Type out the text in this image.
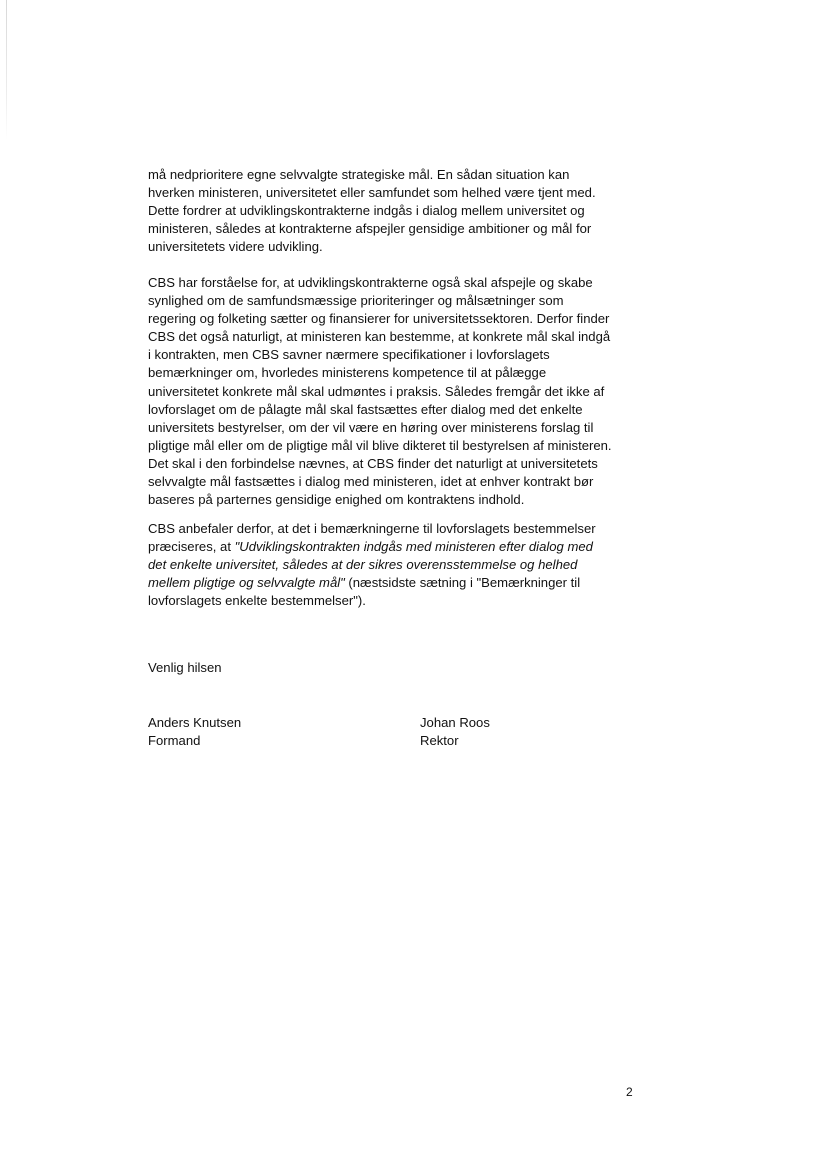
må nedprioritere egne selvvalgte strategiske mål. En sådan situation kan
hverken ministeren, universitetet eller samfundet som helhed være tjent med.
Dette fordrer at udviklingskontrakterne indgås i dialog mellem universitet og
ministeren, således at kontrakterne afspejler gensidige ambitioner og mål for
universitetets videre udvikling.

CBS har forståelse for, at udviklingskontrakterne også skal afspejle og skabe
synlighed om de samfundsmæssige prioriteringer og målsætninger som
regering og folketing sætter og finansierer for universitetssektoren. Derfor finder
CBS det også naturligt, at ministeren kan bestemme, at konkrete mål skal indgå
i kontrakten, men CBS savner nærmere specifikationer i lovforslagets
bemærkninger om, hvorledes ministerens kompetence til at pålægge
universitetet konkrete mål skal udmøntes i praksis. Således fremgår det ikke af
lovforslaget om de pålagte mål skal fastsættes efter dialog med det enkelte
universitets bestyrelser, om der vil være en høring over ministerens forslag til
pligtige mål eller om de pligtige mål vil blive dikteret til bestyrelsen af ministeren.
Det skal i den forbindelse nævnes, at CBS finder det naturligt at universitetets
selvvalgte mål fastsættes i dialog med ministeren, idet at enhver kontrakt bør
baseres på parternes gensidige enighed om kontraktens indhold.

CBS anbefaler derfor, at det i bemærkningerne til lovforslagets bestemmelser
præciseres, at "Udviklingskontrakten indgås med ministeren efter dialog med
det enkelte universitet, således at der sikres overensstemmelse og helhed
mellem pligtige og selvvalgte mål" (næstsidste sætning i "Bemærkninger til
lovforslagets enkelte bestemmelser").

Venlig hilsen
Anders Knutsen
Formand
Johan Roos
Rektor
2
